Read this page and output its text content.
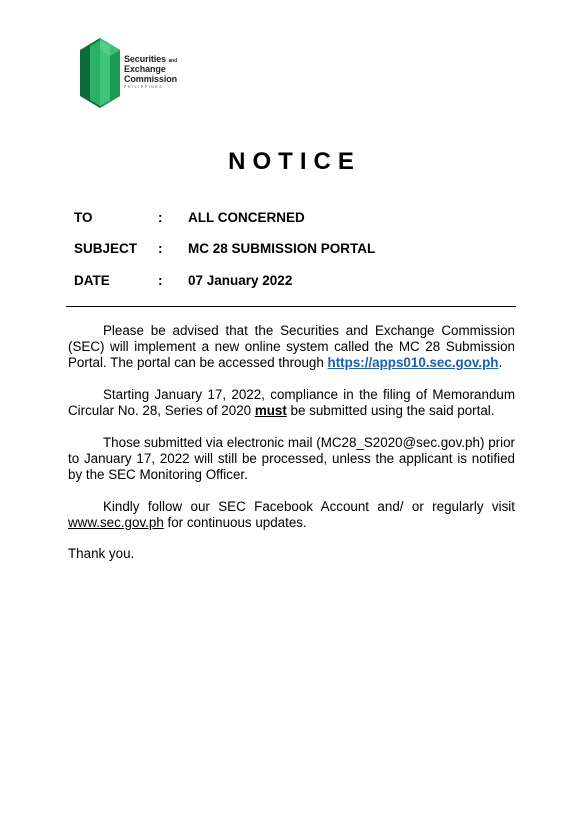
Securities and
Exchange
Commission
PHILIPPINES
NOTICE
TO	: ALL CONCERNED
SUBJECT	: MC 28 SUBMISSION PORTAL
DATE	: 07 January 2022

Please be advised that the Securities and Exchange Commission (SEC) will implement a new online system called the MC 28 Submission Portal. The portal can be accessed through https://apps010.sec.gov.ph.

Starting January 17, 2022, compliance in the filing of Memorandum Circular No. 28, Series of 2020 must be submitted using the said portal.

Those submitted via electronic mail (MC28_S2020@sec.gov.ph) prior to January 17, 2022 will still be processed, unless the applicant is notified by the SEC Monitoring Officer.

Kindly follow our SEC Facebook Account and/ or regularly visit www.sec.gov.ph for continuous updates.

Thank you.
